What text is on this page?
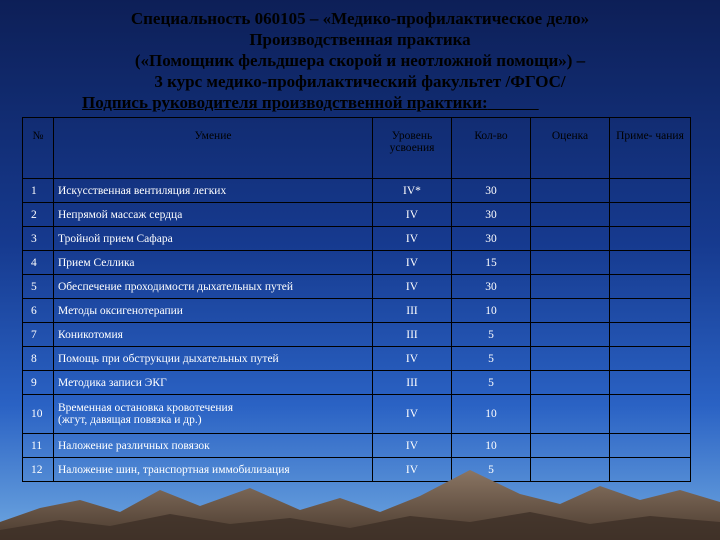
Специальность 060105 – «Медико-профилактическое дело»
Производственная практика
(«Помощник фельдшера скорой и неотложной помощи») –
3 курс медико-профилактический факультет /ФГОС/
Подпись руководителя производственной практики:
№	Умение	Уровень усвоения	Кол-во	Оценка	Приме- чания
1	Искусственная вентиляция легких	IV*	30		
2	Непрямой массаж сердца	IV	30		
3	Тройной прием Сафара	IV	30		
4	Прием Селлика	IV	15		
5	Обеспечение проходимости дыхательных путей	IV	30		
6	Методы оксигенотерапии	III	10		
7	Коникотомия	III	5		
8	Помощь при обструкции дыхательных путей	IV	5		
9	Методика записи ЭКГ	III	5		
10	Временная остановка кровотечения
(жгут, давящая повязка и др.)	IV	10		
11	Наложение различных повязок	IV	10		
12	Наложение шин, транспортная иммобилизация	IV	5		
